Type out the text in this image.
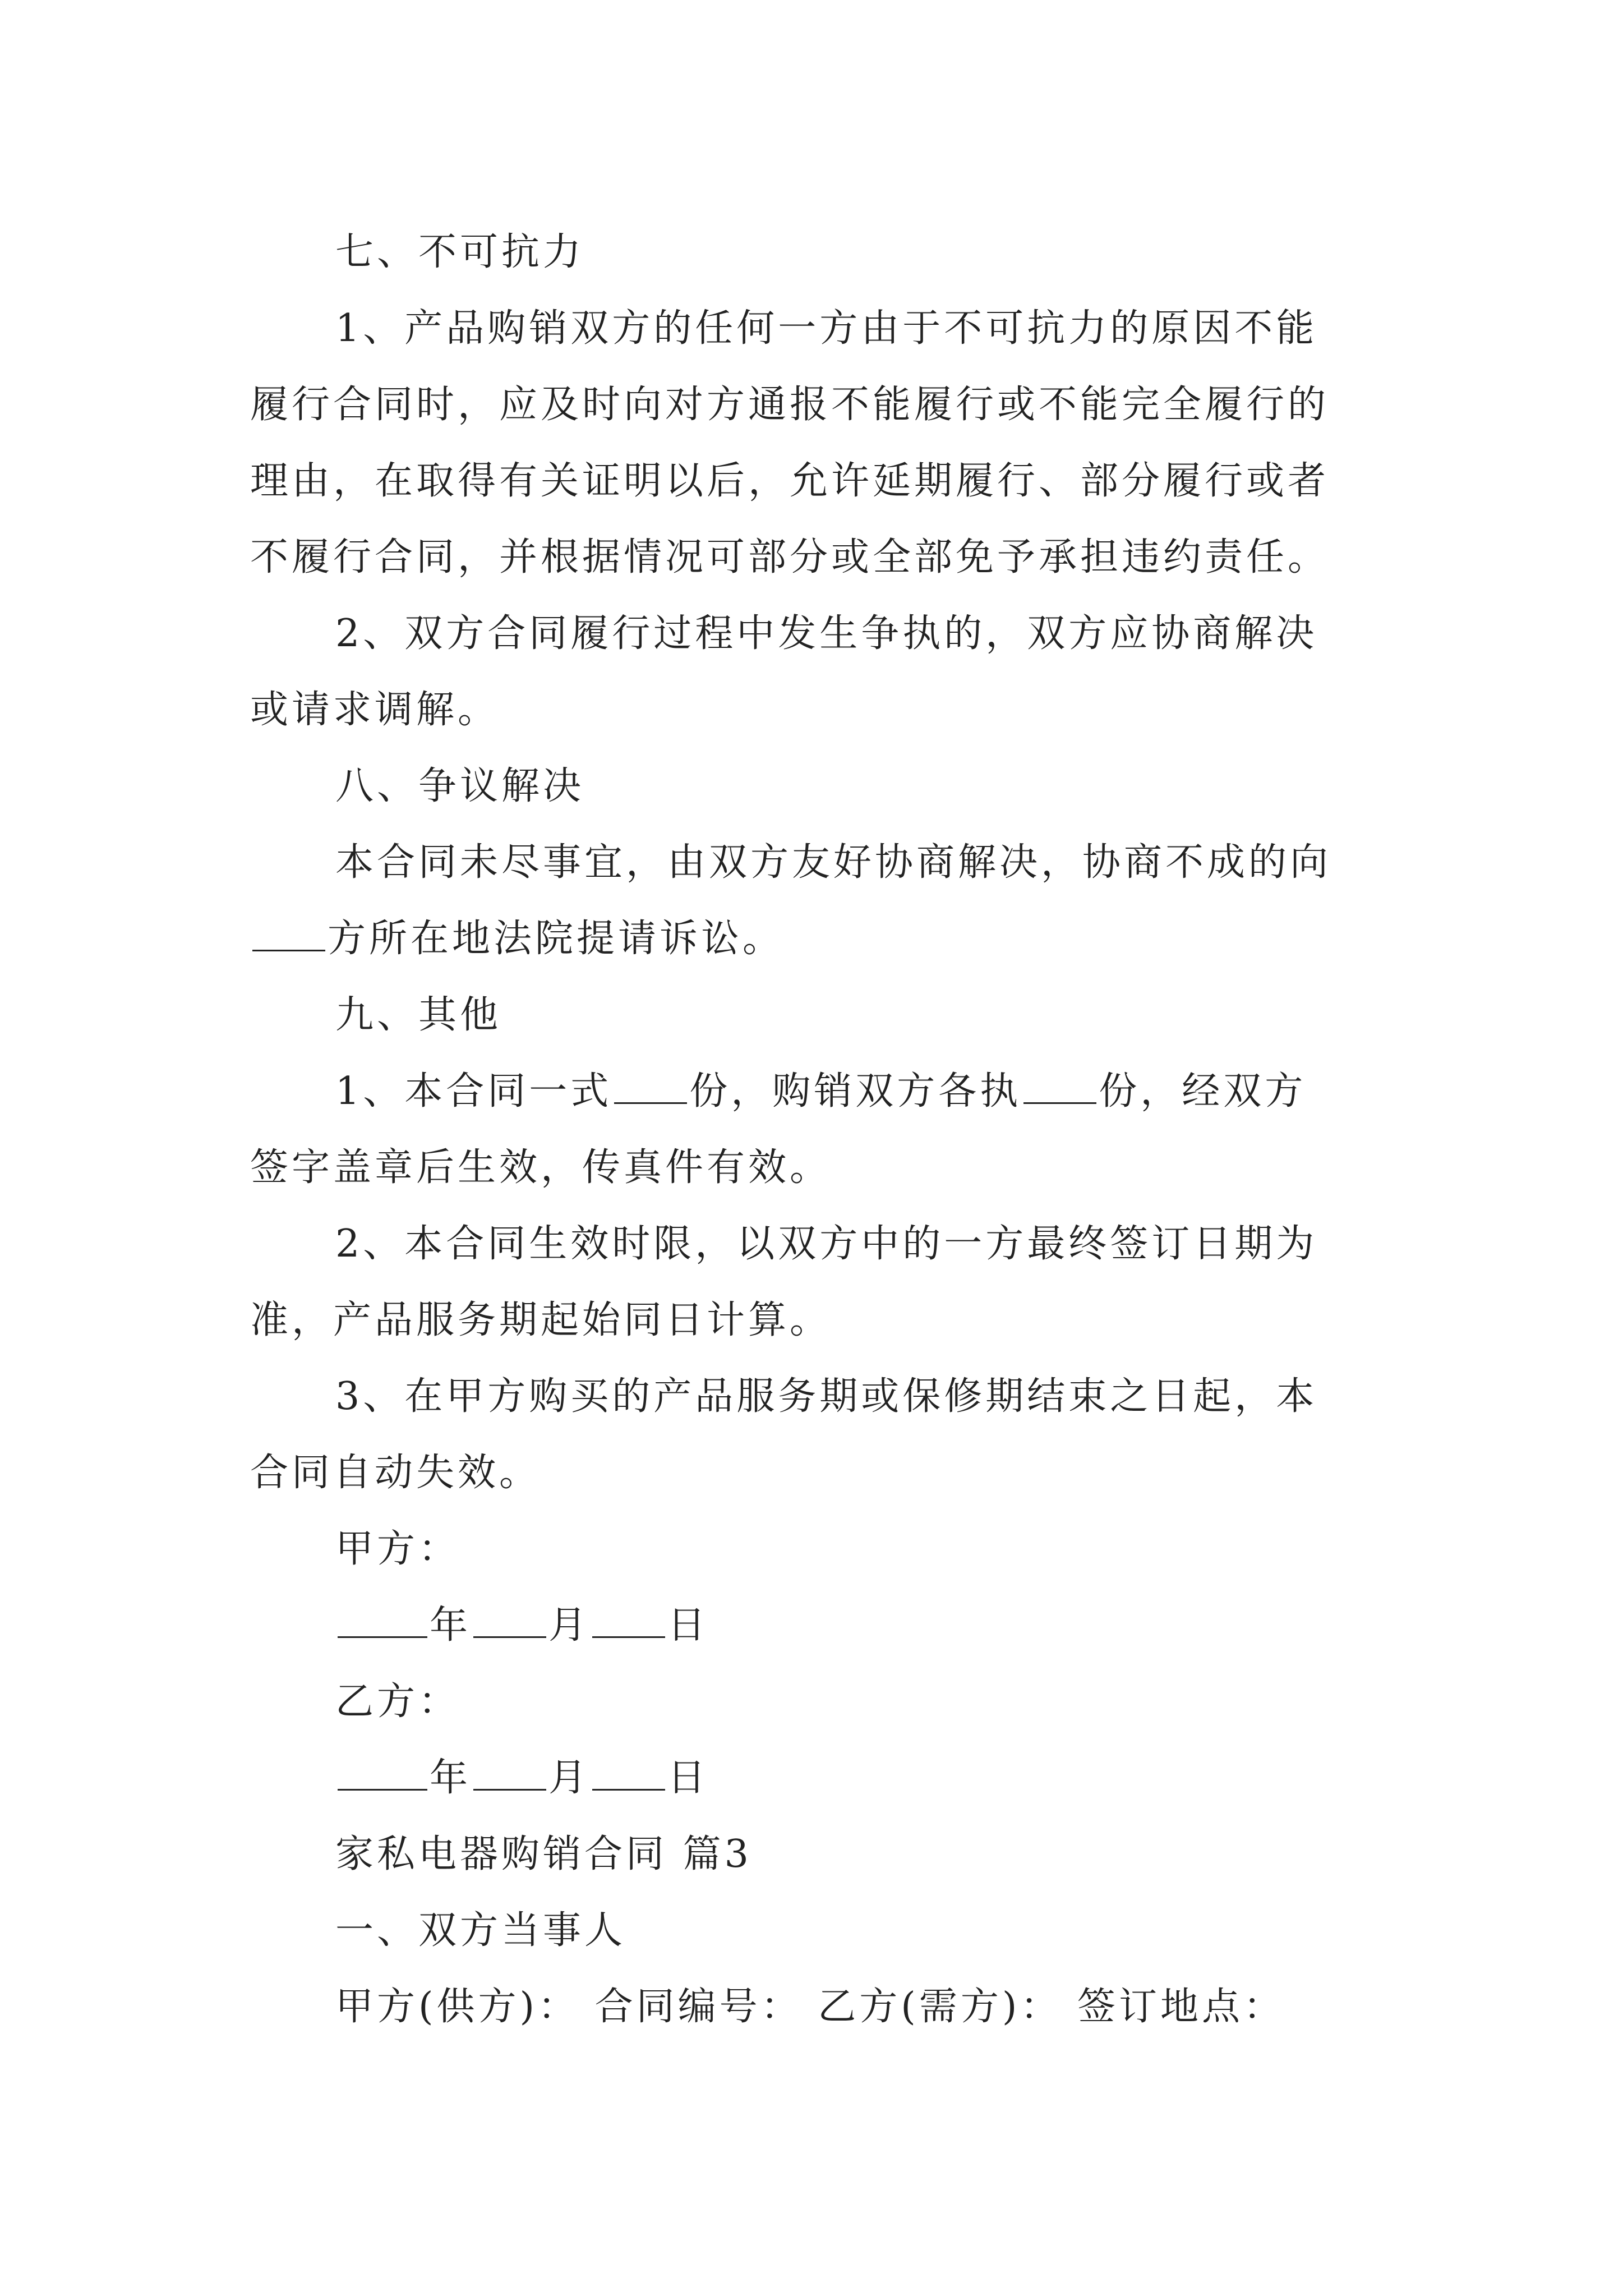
七、不可抗力
1、产品购销双方的任何一方由于不可抗力的原因不能
履行合同时，应及时向对方通报不能履行或不能完全履行的
理由，在取得有关证明以后，允许延期履行、部分履行或者
不履行合同，并根据情况可部分或全部免予承担违约责任。
2、双方合同履行过程中发生争执的，双方应协商解决
或请求调解。
八、争议解决
本合同未尽事宜，由双方友好协商解决，协商不成的向
方所在地法院提请诉讼。
九、其他
1、本合同一式 份，购销双方各执 份，经双方
签字盖章后生效，传真件有效。
2、本合同生效时限，以双方中的一方最终签订日期为
准，产品服务期起始同日计算。
3、在甲方购买的产品服务期或保修期结束之日起，本
合同自动失效。
甲方：
年 月 日
乙方：
年 月 日
家私电器购销合同 篇3
一、双方当事人
甲方(供方)： 合同编号： 乙方(需方)： 签订地点：
